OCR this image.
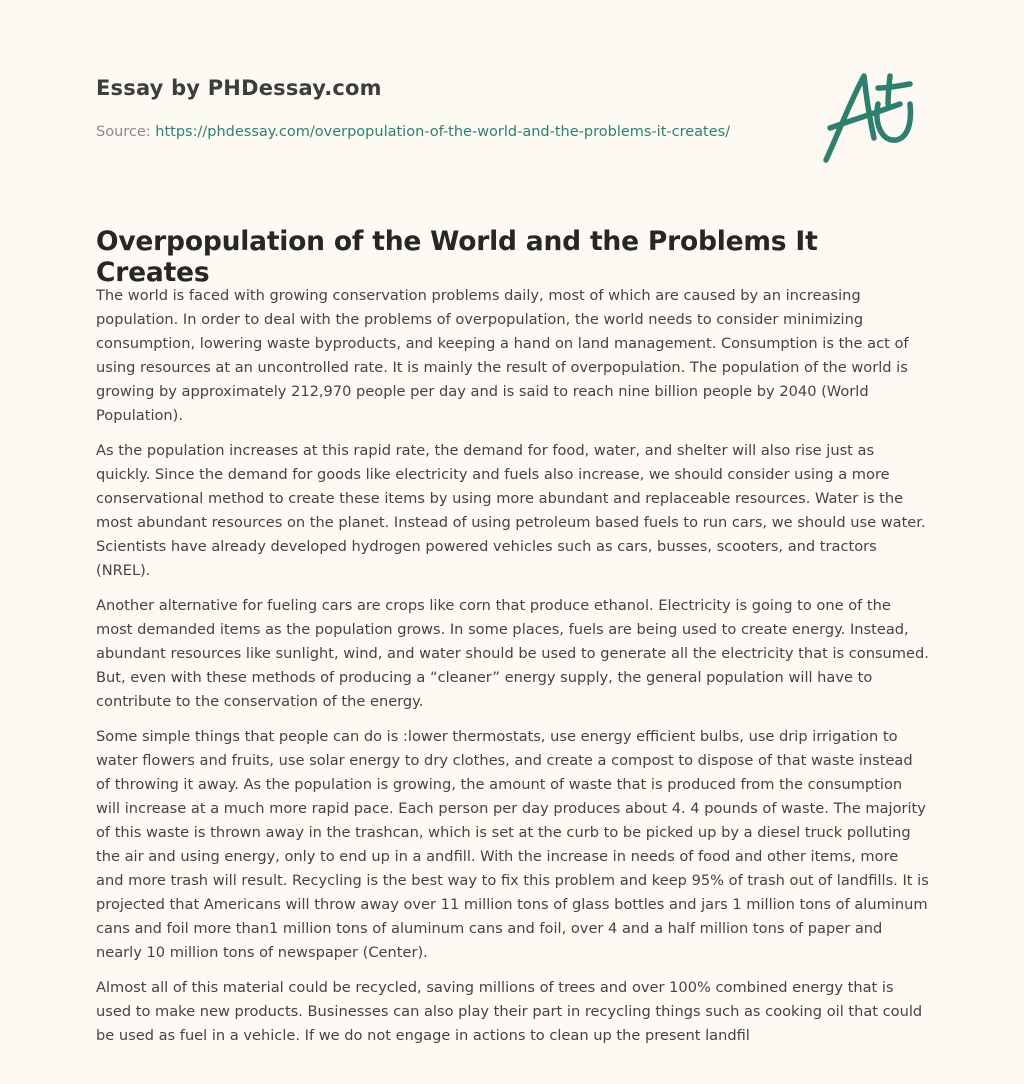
Essay by PHDessay.com
Source: https://phdessay.com/overpopulation-of-the-world-and-the-problems-it-creates/
Overpopulation of the World and the Problems It Creates

The world is faced with growing conservation problems daily, most of which are caused by an increasing population. In order to deal with the problems of overpopulation, the world needs to consider minimizing consumption, lowering waste byproducts, and keeping a hand on land management. Consumption is the act of using resources at an uncontrolled rate. It is mainly the result of overpopulation. The population of the world is growing by approximately 212,970 people per day and is said to reach nine billion people by 2040 (World Population).

As the population increases at this rapid rate, the demand for food, water, and shelter will also rise just as quickly. Since the demand for goods like electricity and fuels also increase, we should consider using a more conservational method to create these items by using more abundant and replaceable resources. Water is the most abundant resources on the planet. Instead of using petroleum based fuels to run cars, we should use water. Scientists have already developed hydrogen powered vehicles such as cars, busses, scooters, and tractors (NREL).

Another alternative for fueling cars are crops like corn that produce ethanol. Electricity is going to one of the most demanded items as the population grows. In some places, fuels are being used to create energy. Instead, abundant resources like sunlight, wind, and water should be used to generate all the electricity that is consumed. But, even with these methods of producing a “cleaner” energy supply, the general population will have to contribute to the conservation of the energy.

Some simple things that people can do is :lower thermostats, use energy efficient bulbs, use drip irrigation to water flowers and fruits, use solar energy to dry clothes, and create a compost to dispose of that waste instead of throwing it away. As the population is growing, the amount of waste that is produced from the consumption will increase at a much more rapid pace. Each person per day produces about 4. 4 pounds of waste. The majority of this waste is thrown away in the trashcan, which is set at the curb to be picked up by a diesel truck polluting the air and using energy, only to end up in a andfill. With the increase in needs of food and other items, more and more trash will result. Recycling is the best way to fix this problem and keep 95% of trash out of landfills. It is projected that Americans will throw away over 11 million tons of glass bottles and jars 1 million tons of aluminum cans and foil more than1 million tons of aluminum cans and foil, over 4 and a half million tons of paper and nearly 10 million tons of newspaper (Center).

Almost all of this material could be recycled, saving millions of trees and over 100% combined energy that is used to make new products. Businesses can also play their part in recycling things such as cooking oil that could be used as fuel in a vehicle. If we do not engage in actions to clean up the present landfil
